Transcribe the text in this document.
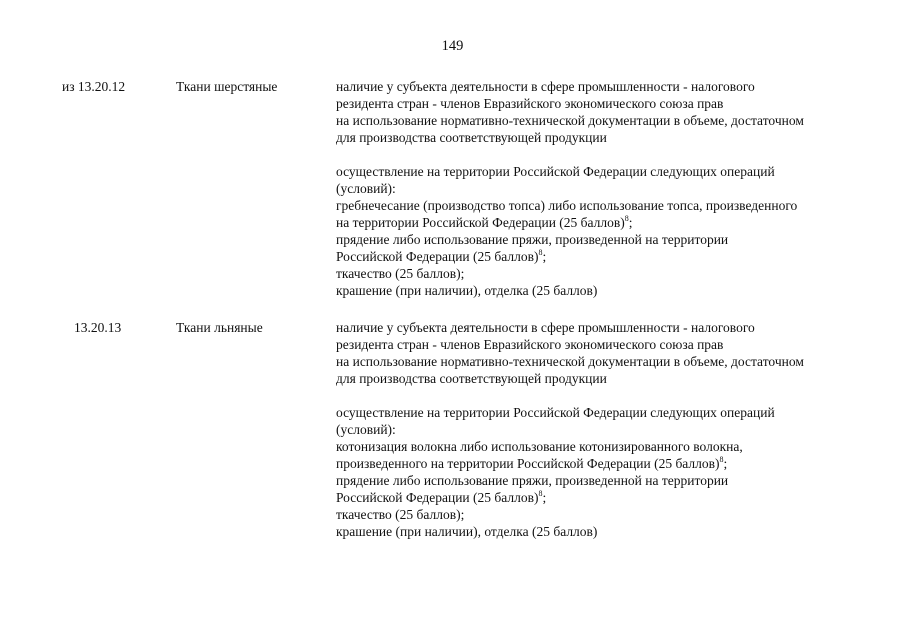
149
из 13.20.12	Ткани шерстяные	наличие у субъекта деятельности в сфере промышленности - налогового
резидента стран - членов Евразийского экономического союза прав
на использование нормативно-технической документации в объеме, достаточном
для производства соответствующей продукции
осуществление на территории Российской Федерации следующих операций
(условий):
гребнечесание (производство топса) либо использование топса, произведенного
на территории Российской Федерации (25 баллов)$^8$;
прядение либо использование пряжи, произведенной на территории
Российской Федерации (25 баллов)$^8$;
ткачество (25 баллов);
крашение (при наличии), отделка (25 баллов)
13.20.13	Ткани льняные	наличие у субъекта деятельности в сфере промышленности - налогового
резидента стран - членов Евразийского экономического союза прав
на использование нормативно-технической документации в объеме, достаточном
для производства соответствующей продукции
осуществление на территории Российской Федерации следующих операций
(условий):
котонизация волокна либо использование котонизированного волокна,
произведенного на территории Российской Федерации (25 баллов)$^8$;
прядение либо использование пряжи, произведенной на территории
Российской Федерации (25 баллов)$^8$;
ткачество (25 баллов);
крашение (при наличии), отделка (25 баллов)
